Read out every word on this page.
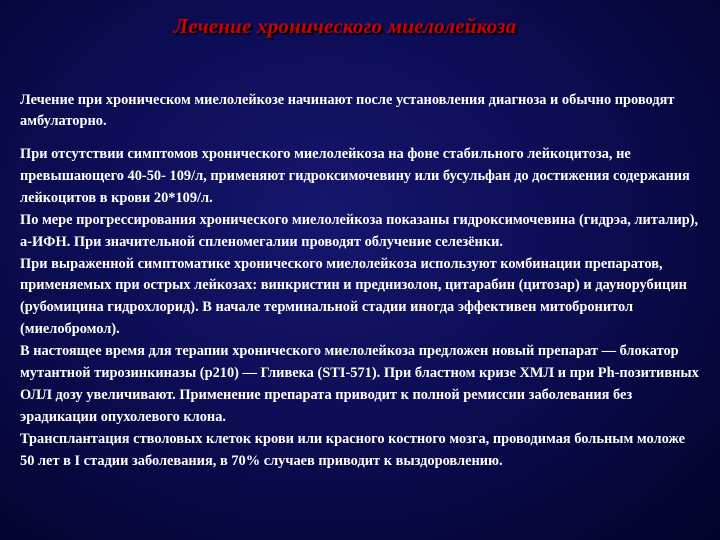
Лечение хронического миелолейкоза

Лечение при хроническом миелолейкозе начинают после установления диагноза и обычно проводят амбулаторно.

При отсутствии симптомов хронического миелолейкоза на фоне стабильного лейкоцитоза, не превышающего 40-50- 109/л, применяют гидроксимочевину или бусульфан до достижения содержания лейкоцитов в крови 20*109/л.

По мере прогрессирования хронического миелолейкоза показаны гидроксимочевина (гидрэа, литалир), а-ИФН. При значительной спленомегалии проводят облучение селезёнки.

При выраженной симптоматике хронического миелолейкоза используют комбинации препаратов, применяемых при острых лейкозах: винкристин и преднизолон, цитарабин (цитозар) и даунорубицин (рубомицина гидрохлорид). В начале терминальной стадии иногда эффективен митобронитол (миелобромол).

В настоящее время для терапии хронического миелолейкоза предложен новый препарат — блокатор мутантной тирозинкиназы (р210) — Гливека (STI-571). При бластном кризе ХМЛ и при Ph-позитивных ОЛЛ дозу увеличивают. Применение препарата приводит к полной ремиссии заболевания без эрадикации опухолевого клона.

Трансплантация стволовых клеток крови или красного костного мозга, проводимая больным моложе 50 лет в I стадии заболевания, в 70% случаев приводит к выздоровлению.
